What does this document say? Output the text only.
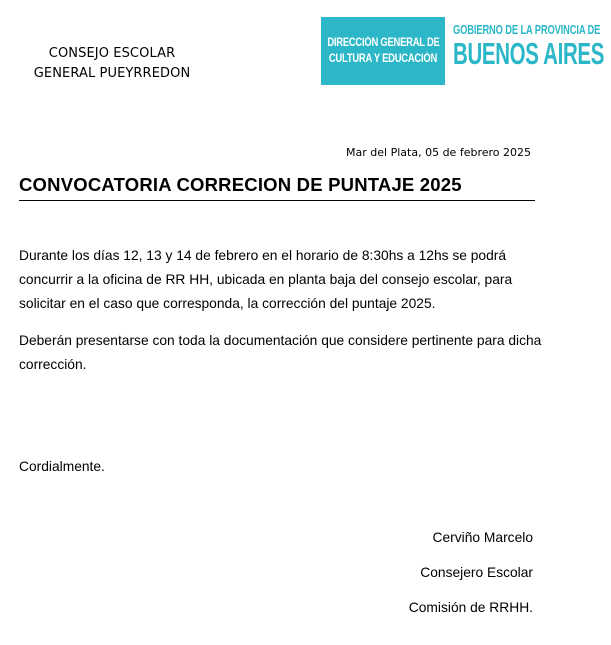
CONSEJO ESCOLAR
GENERAL PUEYRREDON
DIRECCIÓN GENERAL DE
CULTURA Y EDUCACIÓN
GOBIERNO DE LA PROVINCIA DE
BUENOS AIRES
Mar del Plata, 05 de febrero 2025
CONVOCATORIA CORRECION DE PUNTAJE 2025
Durante los días 12, 13 y 14 de febrero en el horario de 8:30hs a 12hs se podrá concurrir a la oficina de RR HH, ubicada en planta baja del consejo escolar, para solicitar en el caso que corresponda, la corrección del puntaje 2025.
Deberán presentarse con toda la documentación que considere pertinente para dicha corrección.
Cordialmente.
Cerviño Marcelo
Consejero Escolar
Comisión de RRHH.
